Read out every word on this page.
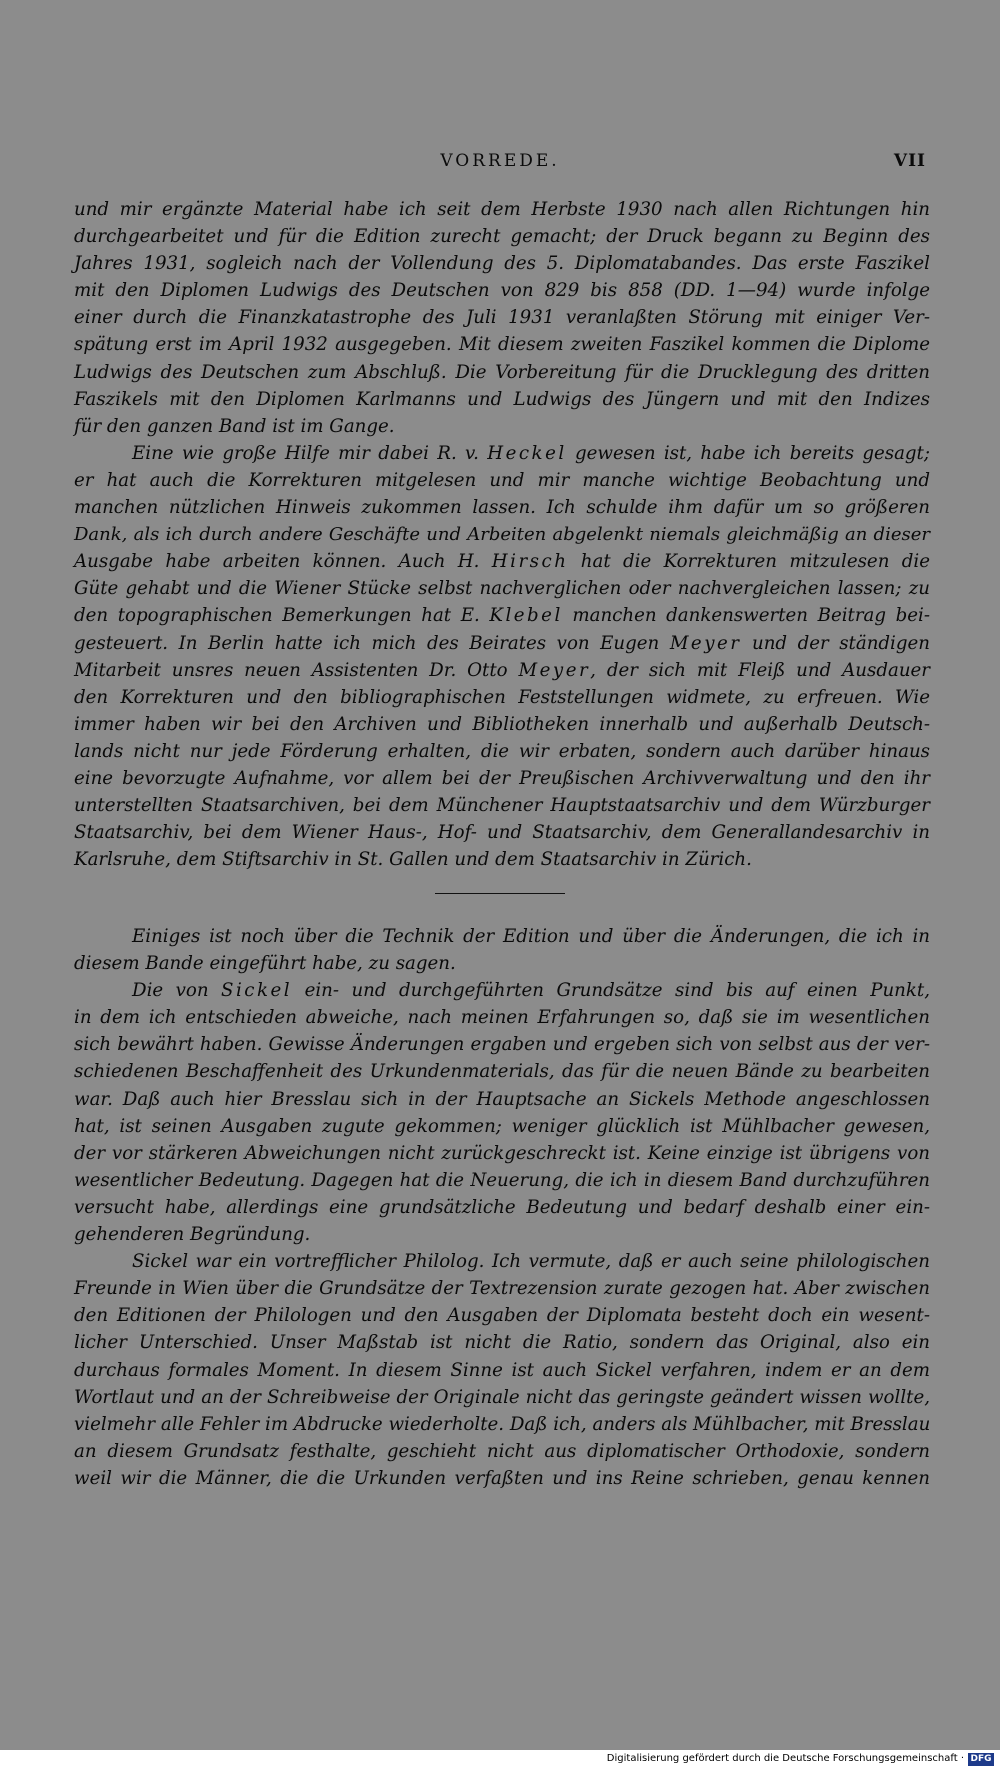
VORREDE.	VII
und mir ergänzte Material habe ich seit dem Herbste 1930 nach allen Richtungen hin
durchgearbeitet und für die Edition zurecht gemacht; der Druck begann zu Beginn des
Jahres 1931, sogleich nach der Vollendung des 5. Diplomatabandes. Das erste Faszikel
mit den Diplomen Ludwigs des Deutschen von 829 bis 858 (DD. 1—94) wurde infolge
einer durch die Finanzkatastrophe des Juli 1931 veranlaßten Störung mit einiger Ver-
spätung erst im April 1932 ausgegeben. Mit diesem zweiten Faszikel kommen die Diplome
Ludwigs des Deutschen zum Abschluß. Die Vorbereitung für die Drucklegung des dritten
Faszikels mit den Diplomen Karlmanns und Ludwigs des Jüngern und mit den Indizes
für den ganzen Band ist im Gange.
Eine wie große Hilfe mir dabei R. v. Heckel gewesen ist, habe ich bereits gesagt;
er hat auch die Korrekturen mitgelesen und mir manche wichtige Beobachtung und
manchen nützlichen Hinweis zukommen lassen. Ich schulde ihm dafür um so größeren
Dank, als ich durch andere Geschäfte und Arbeiten abgelenkt niemals gleichmäßig an dieser
Ausgabe habe arbeiten können. Auch H. Hirsch hat die Korrekturen mitzulesen die
Güte gehabt und die Wiener Stücke selbst nachverglichen oder nachvergleichen lassen; zu
den topographischen Bemerkungen hat E. Klebel manchen dankenswerten Beitrag bei-
gesteuert. In Berlin hatte ich mich des Beirates von Eugen Meyer und der ständigen
Mitarbeit unsres neuen Assistenten Dr. Otto Meyer, der sich mit Fleiß und Ausdauer
den Korrekturen und den bibliographischen Feststellungen widmete, zu erfreuen. Wie
immer haben wir bei den Archiven und Bibliotheken innerhalb und außerhalb Deutsch-
lands nicht nur jede Förderung erhalten, die wir erbaten, sondern auch darüber hinaus
eine bevorzugte Aufnahme, vor allem bei der Preußischen Archivverwaltung und den ihr
unterstellten Staatsarchiven, bei dem Münchener Hauptstaatsarchiv und dem Würzburger
Staatsarchiv, bei dem Wiener Haus-, Hof- und Staatsarchiv, dem Generallandesarchiv in
Karlsruhe, dem Stiftsarchiv in St. Gallen und dem Staatsarchiv in Zürich.
Einiges ist noch über die Technik der Edition und über die Änderungen, die ich in
diesem Bande eingeführt habe, zu sagen.
Die von Sickel ein- und durchgeführten Grundsätze sind bis auf einen Punkt,
in dem ich entschieden abweiche, nach meinen Erfahrungen so, daß sie im wesentlichen
sich bewährt haben. Gewisse Änderungen ergaben und ergeben sich von selbst aus der ver-
schiedenen Beschaffenheit des Urkundenmaterials, das für die neuen Bände zu bearbeiten
war. Daß auch hier Bresslau sich in der Hauptsache an Sickels Methode angeschlossen
hat, ist seinen Ausgaben zugute gekommen; weniger glücklich ist Mühlbacher gewesen,
der vor stärkeren Abweichungen nicht zurückgeschreckt ist. Keine einzige ist übrigens von
wesentlicher Bedeutung. Dagegen hat die Neuerung, die ich in diesem Band durchzuführen
versucht habe, allerdings eine grundsätzliche Bedeutung und bedarf deshalb einer ein-
gehenderen Begründung.
Sickel war ein vortrefflicher Philolog. Ich vermute, daß er auch seine philologischen
Freunde in Wien über die Grundsätze der Textrezension zurate gezogen hat. Aber zwischen
den Editionen der Philologen und den Ausgaben der Diplomata besteht doch ein wesent-
licher Unterschied. Unser Maßstab ist nicht die Ratio, sondern das Original, also ein
durchaus formales Moment. In diesem Sinne ist auch Sickel verfahren, indem er an dem
Wortlaut und an der Schreibweise der Originale nicht das geringste geändert wissen wollte,
vielmehr alle Fehler im Abdrucke wiederholte. Daß ich, anders als Mühlbacher, mit Bresslau
an diesem Grundsatz festhalte, geschieht nicht aus diplomatischer Orthodoxie, sondern
weil wir die Männer, die die Urkunden verfaßten und ins Reine schrieben, genau kennen
Digitalisierung gefördert durch die Deutsche Forschungsgemeinschaft · DFG
